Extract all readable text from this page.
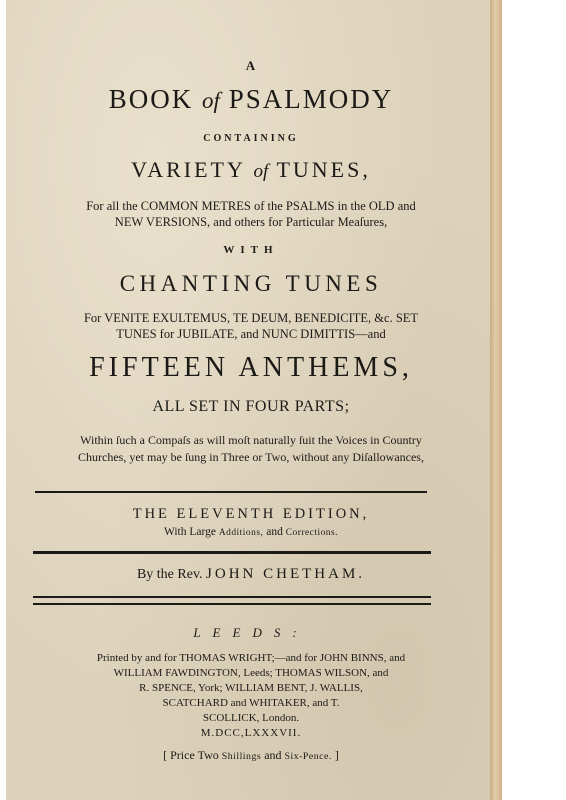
A
BOOK of PSALMODY
CONTAINING
VARIETY of TUNES,
For all the COMMON METRES of the PSALMS in the OLD and
NEW VERSIONS, and others for Particular Meaſures,
WITH
CHANTING TUNES
For VENITE EXULTEMUS, TE DEUM, BENEDICITE, &c. SET
TUNES for JUBILATE, and NUNC DIMITTIS—and
FIFTEEN ANTHEMS,
ALL SET IN FOUR PARTS;
Within ſuch a Compaſs as will moſt naturally ſuit the Voices in Country
Churches, yet may be ſung in Three or Two, without any Diſallowances,
THE ELEVENTH EDITION,
With Large Additions, and Corrections.
By the Rev. JOHN CHETHAM.
LEEDS:
Printed by and for THOMAS WRIGHT;—and for JOHN BINNS, and
WILLIAM FAWDINGTON, Leeds; THOMAS WILSON, and
R. SPENCE, York; WILLIAM BENT, J. WALLIS,
SCATCHARD and WHITAKER, and T.
SCOLLICK, London.
M.DCC,LXXXVII.
[ Price Two Shillings and Six-Pence. ]
